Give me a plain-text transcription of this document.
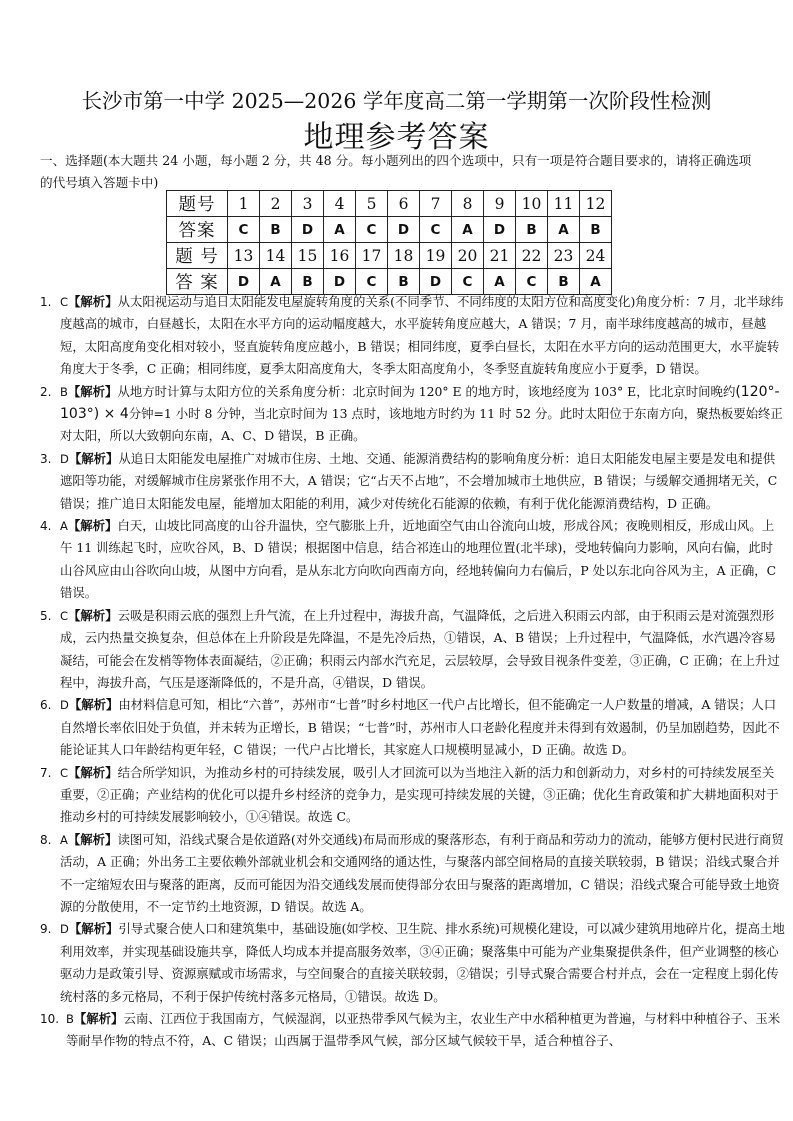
长沙市第一中学 2025—2026 学年度高二第一学期第一次阶段性检测
地理参考答案
一、选择题(本大题共 24 小题，每小题 2 分，共 48 分。每小题列出的四个选项中，只有一项是符合题目要求的，请将正确选项的代号填入答题卡中)
题号	1	2	3	4	5	6	7	8	9	10	11	12
答案	C	B	D	A	C	D	C	A	D	B	A	B
题 号	13	14	15	16	17	18	19	20	21	22	23	24
答 案	D	A	B	D	C	B	D	C	A	C	B	A
1. C【解析】从太阳视运动与追日太阳能发电屋旋转角度的关系(不同季节、不同纬度的太阳方位和高度变化)角度分析：7 月，北半球纬度越高的城市，白昼越长，太阳在水平方向的运动幅度越大，水平旋转角度应越大，A 错误；7 月，南半球纬度越高的城市，昼越短，太阳高度角变化相对较小，竖直旋转角度应越小，B 错误；相同纬度，夏季白昼长，太阳在水平方向的运动范围更大，水平旋转角度大于冬季，C 正确；相同纬度，夏季太阳高度角大，冬季太阳高度角小，冬季竖直旋转角度应小于夏季，D 错误。
2. B【解析】从地方时计算与太阳方位的关系角度分析：北京时间为 120° E 的地方时，该地经度为 103° E，比北京时间晚约(120°- 103°) × 4分钟=1 小时 8 分钟，当北京时间为 13 点时，该地地方时约为 11 时 52 分。此时太阳位于东南方向，聚热板要始终正对太阳，所以大致朝向东南，A、C、D 错误，B 正确。
3. D【解析】从追日太阳能发电屋推广对城市住房、土地、交通、能源消费结构的影响角度分析：追日太阳能发电屋主要是发电和提供遮阳等功能，对缓解城市住房紧张作用不大，A 错误；它“占天不占地”，不会增加城市土地供应，B 错误；与缓解交通拥堵无关，C 错误；推广追日太阳能发电屋，能增加太阳能的利用，减少对传统化石能源的依赖，有利于优化能源消费结构，D 正确。
4. A【解析】白天，山坡比同高度的山谷升温快，空气膨胀上升，近地面空气由山谷流向山坡，形成谷风；夜晚则相反，形成山风。上午 11 训练起飞时，应吹谷风，B、D 错误；根据图中信息，结合祁连山的地理位置(北半球)，受地转偏向力影响，风向右偏，此时山谷风应由山谷吹向山坡，从图中方向看，是从东北方向吹向西南方向，经地转偏向力右偏后，P 处以东北向谷风为主，A 正确，C 错误。
5. C【解析】云吸是积雨云底的强烈上升气流，在上升过程中，海拔升高，气温降低，之后进入积雨云内部，由于积雨云是对流强烈形成，云内热量交换复杂，但总体在上升阶段是先降温，不是先冷后热，①错误，A、B 错误；上升过程中，气温降低，水汽遇冷容易凝结，可能会在发梢等物体表面凝结，②正确；积雨云内部水汽充足，云层较厚，会导致目视条件变差，③正确，C 正确；在上升过程中，海拔升高，气压是逐渐降低的，不是升高，④错误，D 错误。
6. D【解析】由材料信息可知，相比“六普”，苏州市“七普”时乡村地区一代户占比增长，但不能确定一人户数量的增减，A 错误；人口自然增长率依旧处于负值，并未转为正增长，B 错误；“七普”时，苏州市人口老龄化程度并未得到有效遏制，仍呈加剧趋势，因此不能论证其人口年龄结构更年轻，C 错误；一代户占比增长，其家庭人口规模明显减小，D 正确。故选 D。
7. C【解析】结合所学知识，为推动乡村的可持续发展，吸引人才回流可以为当地注入新的活力和创新动力，对乡村的可持续发展至关重要，②正确；产业结构的优化可以提升乡村经济的竞争力，是实现可持续发展的关键，③正确；优化生育政策和扩大耕地面积对于推动乡村的可持续发展影响较小，①④错误。故选 C。
8. A【解析】读图可知，沿线式聚合是依道路(对外交通线)布局而形成的聚落形态，有利于商品和劳动力的流动，能够方便村民进行商贸活动，A 正确；外出务工主要依赖外部就业机会和交通网络的通达性，与聚落内部空间格局的直接关联较弱，B 错误；沿线式聚合并不一定缩短农田与聚落的距离，反而可能因为沿交通线发展而使得部分农田与聚落的距离增加，C 错误；沿线式聚合可能导致土地资源的分散使用，不一定节约土地资源，D 错误。故选 A。
9. D【解析】引导式聚合使人口和建筑集中，基础设施(如学校、卫生院、排水系统)可规模化建设，可以减少建筑用地碎片化，提高土地利用效率，并实现基础设施共享，降低人均成本并提高服务效率，③④正确；聚落集中可能为产业集聚提供条件，但产业调整的核心驱动力是政策引导、资源禀赋或市场需求，与空间聚合的直接关联较弱，②错误；引导式聚合需要合村并点，会在一定程度上弱化传统村落的多元格局，不利于保护传统村落多元格局，①错误。故选 D。
10. B【解析】云南、江西位于我国南方，气候湿润，以亚热带季风气候为主，农业生产中水稻种植更为普遍，与材料中种植谷子、玉米等耐旱作物的特点不符，A、C 错误；山西属于温带季风气候，部分区域气候较干旱，适合种植谷子、
